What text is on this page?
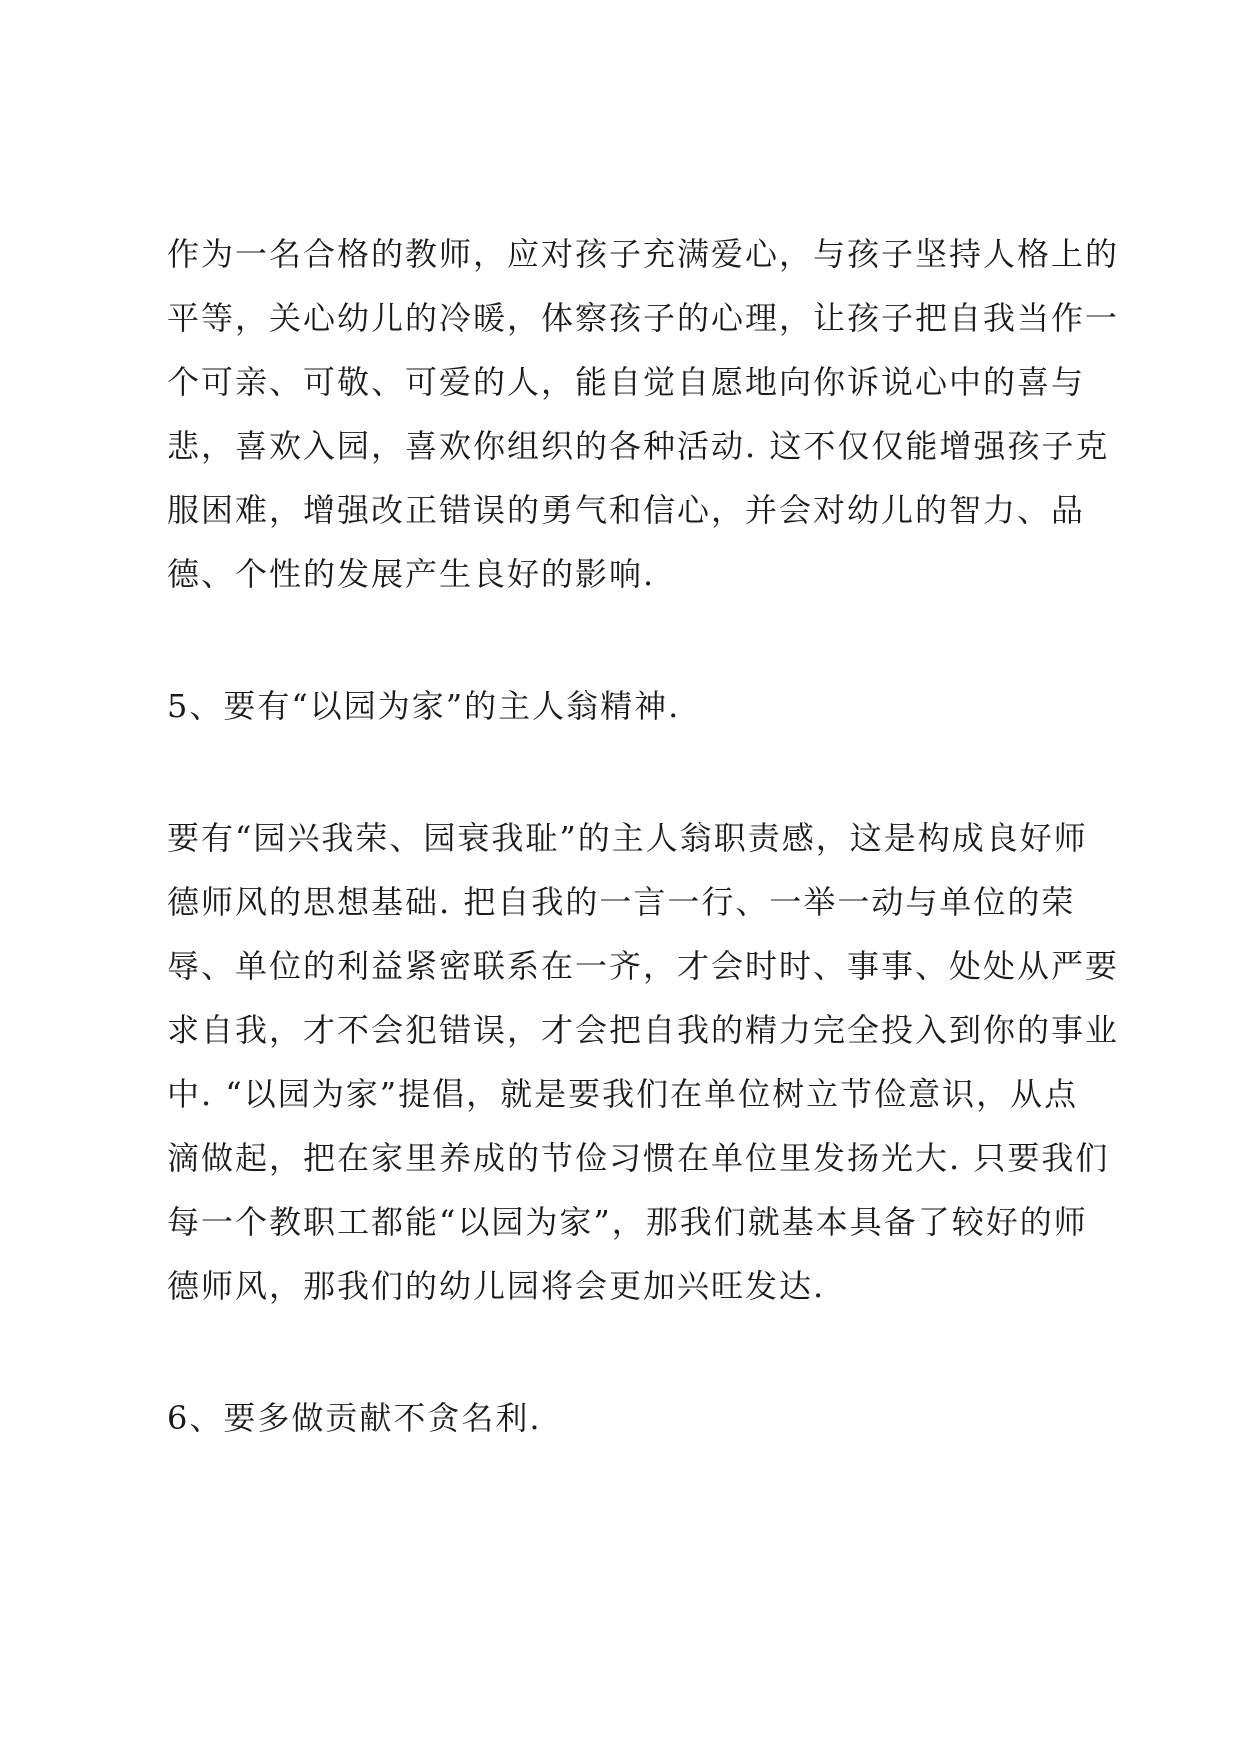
作为一名合格的教师，应对孩子充满爱心，与孩子坚持人格上的

平等，关心幼儿的冷暖，体察孩子的心理，让孩子把自我当作一

个可亲、可敬、可爱的人，能自觉自愿地向你诉说心中的喜与

悲，喜欢入园，喜欢你组织的各种活动. 这不仅仅能增强孩子克

服困难，增强改正错误的勇气和信心，并会对幼儿的智力、品

德、个性的发展产生良好的影响.

5、要有“以园为家”的主人翁精神.

要有“园兴我荣、园衰我耻”的主人翁职责感，这是构成良好师

德师风的思想基础. 把自我的一言一行、一举一动与单位的荣

辱、单位的利益紧密联系在一齐，才会时时、事事、处处从严要

求自我，才不会犯错误，才会把自我的精力完全投入到你的事业

中. “以园为家”提倡，就是要我们在单位树立节俭意识，从点

滴做起，把在家里养成的节俭习惯在单位里发扬光大. 只要我们

每一个教职工都能“以园为家”，那我们就基本具备了较好的师

德师风，那我们的幼儿园将会更加兴旺发达.

6、要多做贡献不贪名利.
